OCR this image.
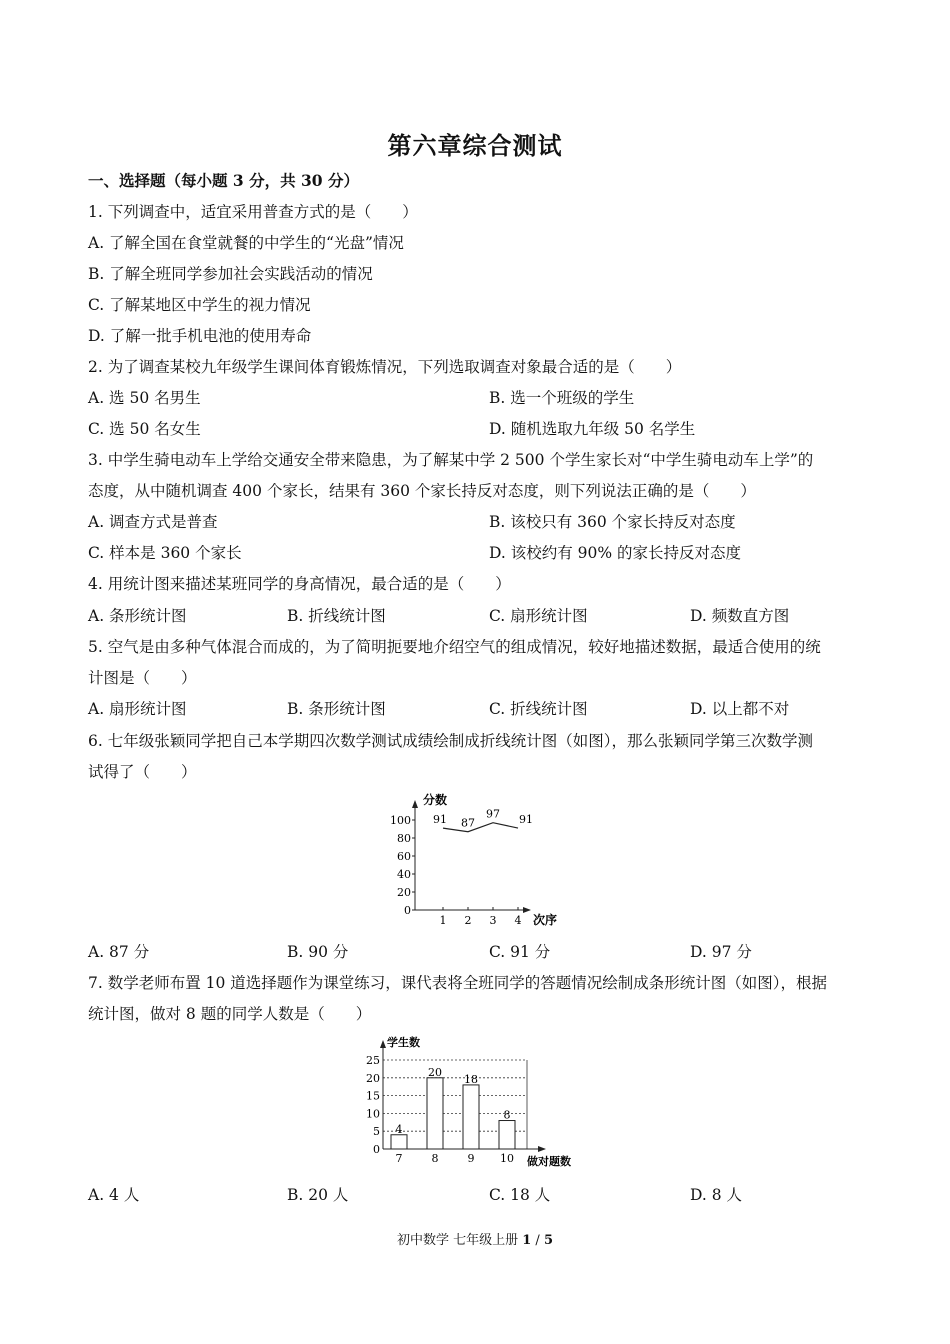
第六章综合测试
一、选择题（每小题 3 分，共 30 分）
1. 下列调查中，适宜采用普查方式的是（　　）
A. 了解全国在食堂就餐的中学生的“光盘”情况
B. 了解全班同学参加社会实践活动的情况
C. 了解某地区中学生的视力情况
D. 了解一批手机电池的使用寿命
2. 为了调查某校九年级学生课间体育锻炼情况，下列选取调查对象最合适的是（　　）
A. 选 50 名男生	B. 选一个班级的学生
C. 选 50 名女生	D. 随机选取九年级 50 名学生
3. 中学生骑电动车上学给交通安全带来隐患，为了解某中学 2 500 个学生家长对“中学生骑电动车上学”的
态度，从中随机调查 400 个家长，结果有 360 个家长持反对态度，则下列说法正确的是（　　）
A. 调查方式是普查	B. 该校只有 360 个家长持反对态度
C. 样本是 360 个家长	D. 该校约有 90% 的家长持反对态度
4. 用统计图来描述某班同学的身高情况，最合适的是（　　）
A. 条形统计图	B. 折线统计图	C. 扇形统计图	D. 频数直方图
5. 空气是由多种气体混合而成的，为了简明扼要地介绍空气的组成情况，较好地描述数据，最适合使用的统
计图是（　　）
A. 扇形统计图	B. 条形统计图	C. 折线统计图	D. 以上都不对
6. 七年级张颖同学把自己本学期四次数学测试成绩绘制成折线统计图（如图），那么张颖同学第三次数学测
试得了（　　）
0
20
40
60
80
100
1 2 3 4
91 87
97 91
分数
次序
A. 87 分	B. 90 分	C. 91 分	D. 97 分
7. 数学老师布置 10 道选择题作为课堂练习，课代表将全班同学的答题情况绘制成条形统计图（如图），根据
统计图，做对 8 题的同学人数是（　　）
0
5
10
15
20
25
7	8	9 10
4
20
18
8
学生数
做对题数
A. 4 人	B. 20 人	C. 18 人	D. 8 人
初中数学 七年级上册 1 / 5
